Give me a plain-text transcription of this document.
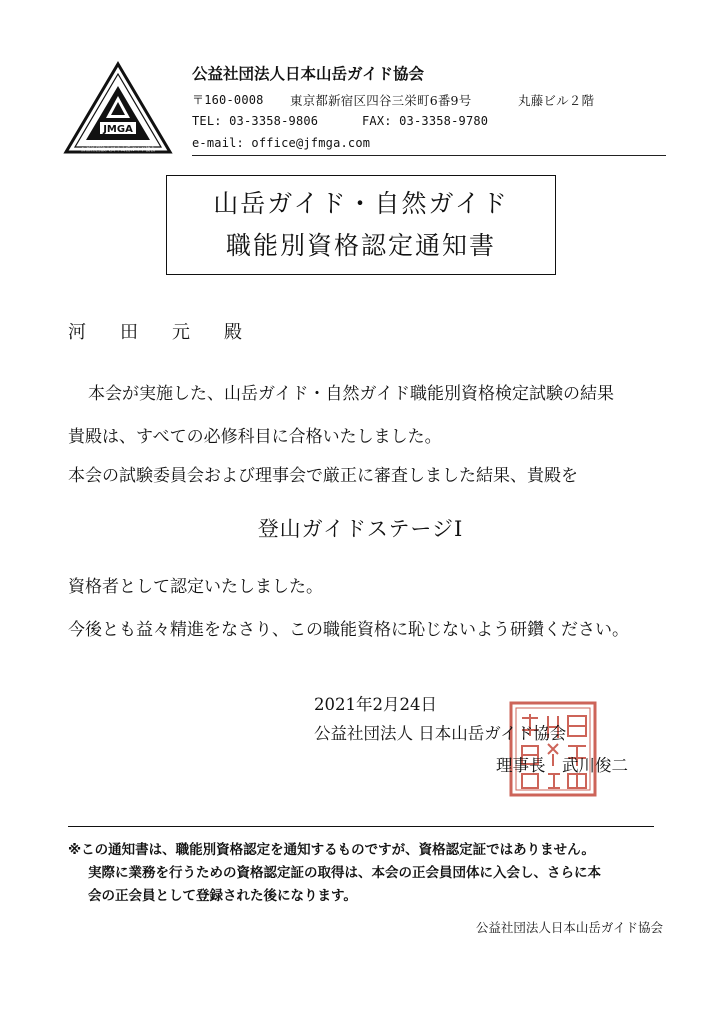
JMGA
公益社団法人日本山岳ガイド協会
公益社団法人日本山岳ガイド協会
〒160-0008	東京都新宿区四谷三栄町6番9号	丸藤ビル２階
TEL: 03-3358-9806	FAX: 03-3358-9780
e-mail: office@jfmga.com
山岳ガイド・自然ガイド
職能別資格認定通知書
河 田 元 殿
本会が実施した、山岳ガイド・自然ガイド職能別資格検定試験の結果
貴殿は、すべての必修科目に合格いたしました。
本会の試験委員会および理事会で厳正に審査しました結果、貴殿を
登山ガイドステージⅠ
資格者として認定いたしました。
今後とも益々精進をなさり、この職能資格に恥じないよう研鑽ください。
2021年2月24日
公益社団法人 日本山岳ガイド協会
理事長　武川俊二
※この通知書は、職能別資格認定を通知するものですが、資格認定証ではありません。
実際に業務を行うための資格認定証の取得は、本会の正会員団体に入会し、さらに本
会の正会員として登録された後になります。
公益社団法人日本山岳ガイド協会
